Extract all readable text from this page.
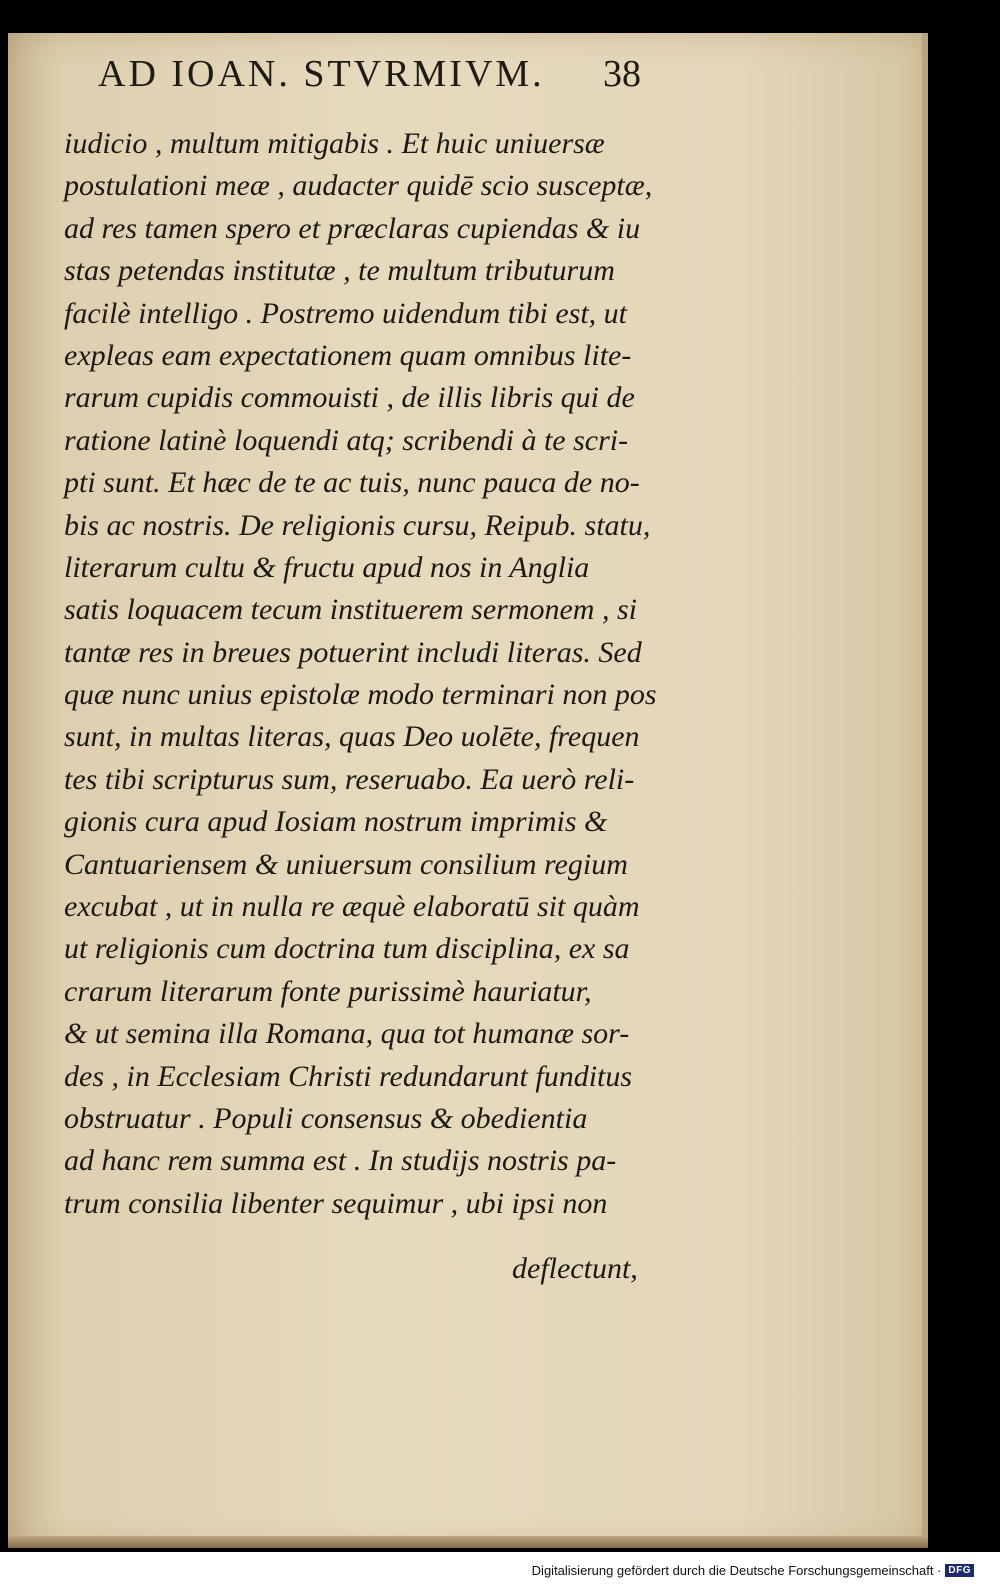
AD IOAN. STVRMIVM. 38
iudicio , multum mitigabis . Et huic uniuersæ
postulationi meæ , audacter quidē scio susceptæ,
ad res tamen spero et præclaras cupiendas & iu
stas petendas institutæ , te multum tributurum
facilè intelligo . Postremo uidendum tibi est, ut
expleas eam expectationem quam omnibus lite-
rarum cupidis commouisti , de illis libris qui de
ratione latinè loquendi atq; scribendi à te scri-
pti sunt. Et hæc de te ac tuis, nunc pauca de no-
bis ac nostris. De religionis cursu, Reipub. statu,
literarum cultu & fructu apud nos in Anglia
satis loquacem tecum instituerem sermonem , si
tantæ res in breues potuerint includi literas. Sed
quæ nunc unius epistolæ modo terminari non pos
sunt, in multas literas, quas Deo uolēte, frequen
tes tibi scripturus sum, reseruabo. Ea uerò reli-
gionis cura apud Iosiam nostrum imprimis &
Cantuariensem & uniuersum consilium regium
excubat , ut in nulla re æquè elaboratū sit quàm
ut religionis cum doctrina tum disciplina, ex sa
crarum literarum fonte purissimè hauriatur,
& ut semina illa Romana, qua tot humanæ sor-
des , in Ecclesiam Christi redundarunt funditus
obstruatur . Populi consensus & obedientia
ad hanc rem summa est . In studijs nostris pa-
trum consilia libenter sequimur , ubi ipsi non
deflectunt,
Digitalisierung gefördert durch die Deutsche Forschungsgemeinschaft · DFG
